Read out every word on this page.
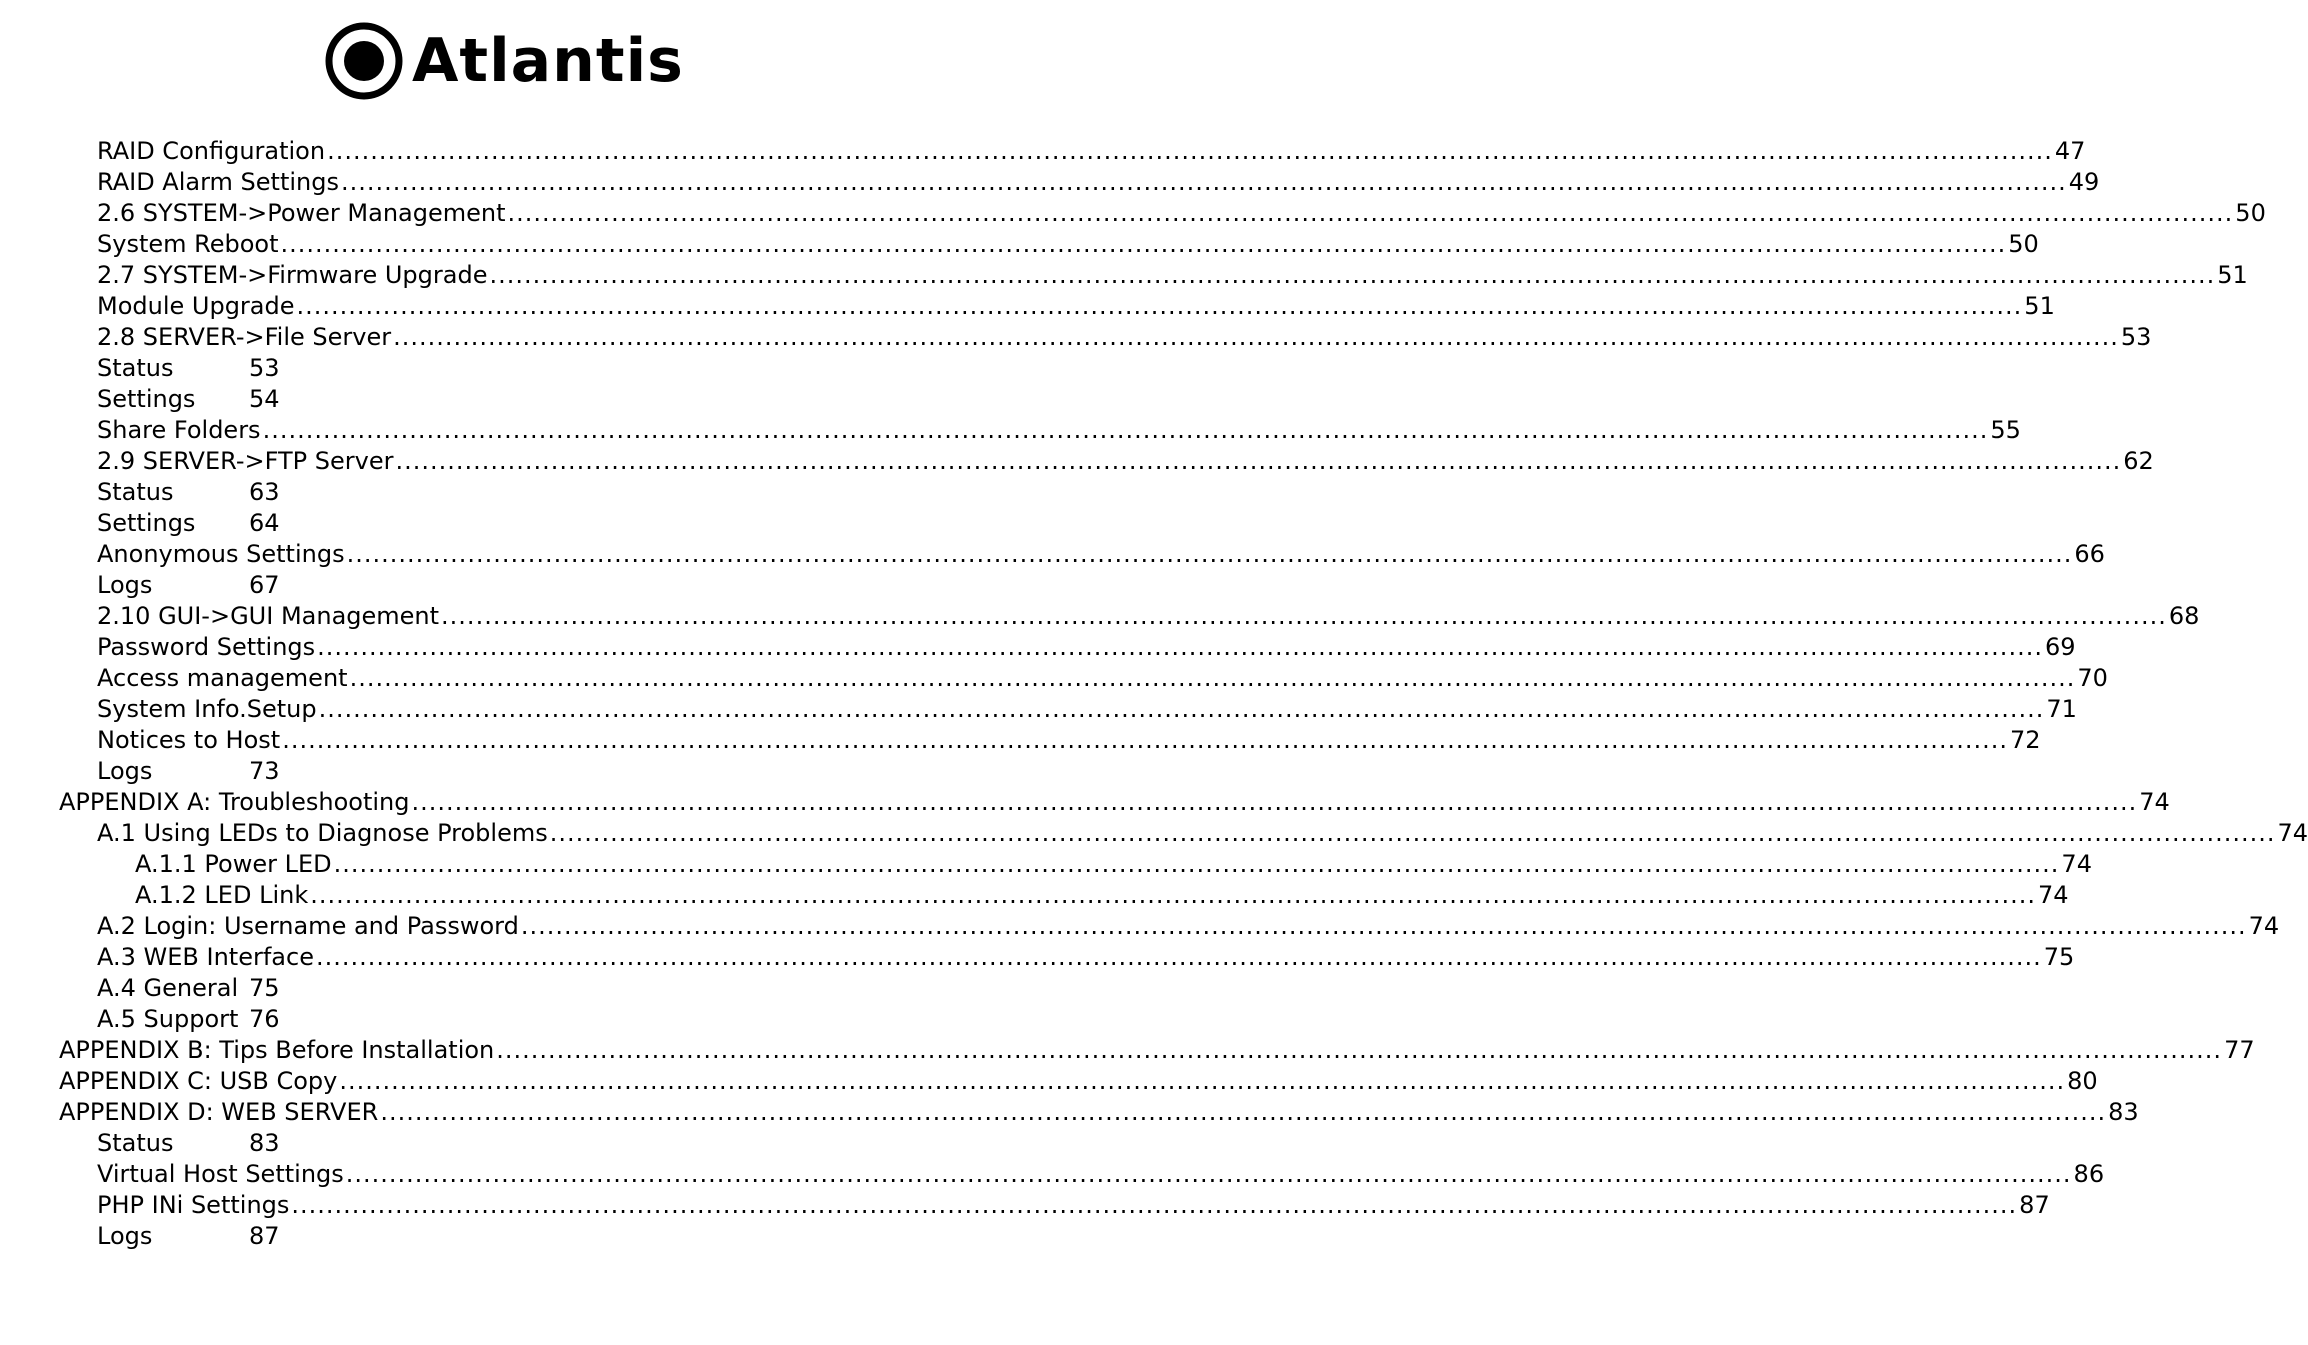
Atlantis
RAID Configuration ........................................................................................................................................................................................................ 47
RAID Alarm Settings ........................................................................................................................................................................................................ 49
2.6 SYSTEM->Power Management ........................................................................................................................................................................................................ 50
System Reboot ........................................................................................................................................................................................................ 50
2.7 SYSTEM->Firmware Upgrade ........................................................................................................................................................................................................ 51
Module Upgrade ........................................................................................................................................................................................................ 51
2.8 SERVER->File Server ........................................................................................................................................................................................................ 53
Status	53
Settings 54
Share Folders ........................................................................................................................................................................................................ 55
2.9 SERVER->FTP Server ........................................................................................................................................................................................................ 62
Status	63
Settings 64
Anonymous Settings ........................................................................................................................................................................................................ 66
Logs	67
2.10 GUI->GUI Management ........................................................................................................................................................................................................ 68
Password Settings ........................................................................................................................................................................................................ 69
Access management ........................................................................................................................................................................................................ 70
System Info.Setup ........................................................................................................................................................................................................ 71
Notices to Host ........................................................................................................................................................................................................ 72
Logs	73
APPENDIX A: Troubleshooting ........................................................................................................................................................................................................ 74
A.1 Using LEDs to Diagnose Problems ........................................................................................................................................................................................................ 74
A.1.1 Power LED ........................................................................................................................................................................................................ 74
A.1.2 LED Link ........................................................................................................................................................................................................ 74
A.2 Login: Username and Password ........................................................................................................................................................................................................ 74
A.3 WEB Interface ........................................................................................................................................................................................................ 75
A.4 General 75
A.5 Support 76
APPENDIX B: Tips Before Installation ........................................................................................................................................................................................................ 77
APPENDIX C: USB Copy ........................................................................................................................................................................................................ 80
APPENDIX D: WEB SERVER ........................................................................................................................................................................................................ 83
Status	83
Virtual Host Settings ........................................................................................................................................................................................................ 86
PHP INi Settings ........................................................................................................................................................................................................ 87
Logs	87
